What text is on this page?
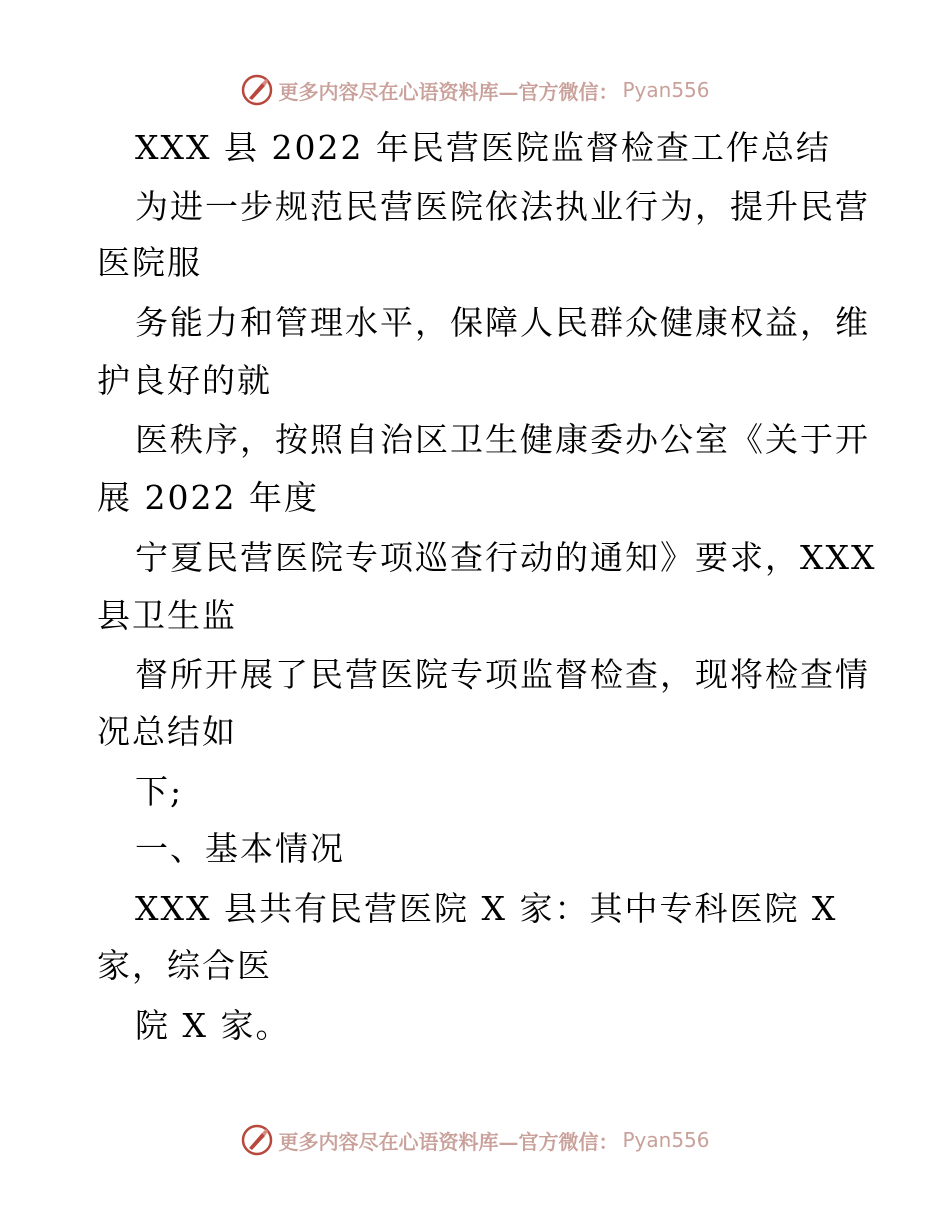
更多内容尽在心语资料库—官方微信： Pyan556
XXX 县 2022 年民营医院监督检查工作总结
为进一步规范民营医院依法执业行为，提升民营
医院服
务能力和管理水平，保障人民群众健康权益，维
护良好的就
医秩序，按照自治区卫生健康委办公室《关于开
展 2022 年度
宁夏民营医院专项巡查行动的通知》要求，XXX
县卫生监
督所开展了民营医院专项监督检查，现将检查情
况总结如
下;
一、基本情况
XXX 县共有民营医院 X 家：其中专科医院 X
家，综合医
院 X 家。
更多内容尽在心语资料库—官方微信： Pyan556
